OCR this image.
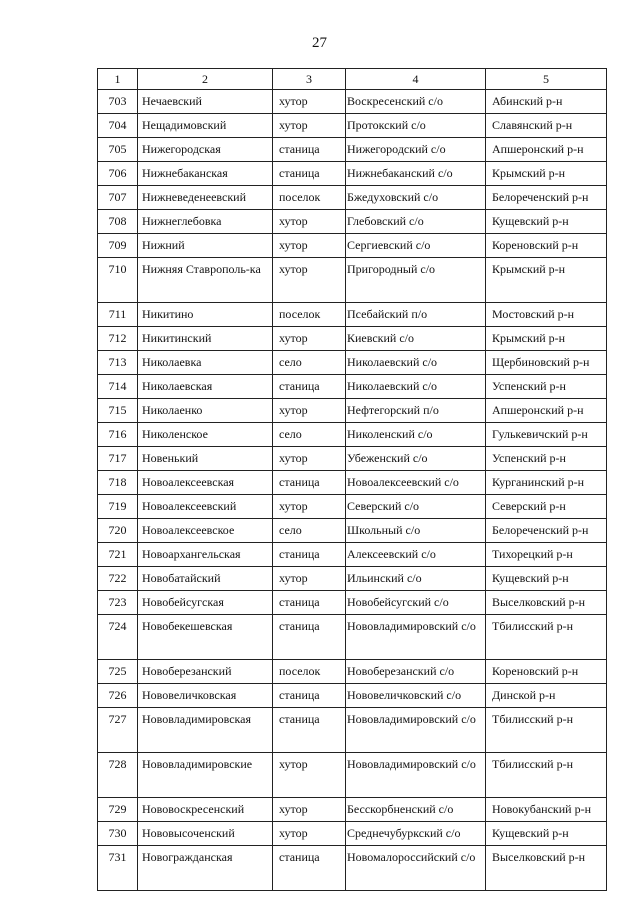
27
1	2	3	4	5
703	Нечаевский	хутор	Воскресенский с/о	Абинский р-н
704	Нещадимовский	хутор	Протокский с/о	Славянский р-н
705	Нижегородская	станица	Нижегородский с/о	Апшеронский р-н
706	Нижнебаканская	станица	Нижнебаканский с/о	Крымский р-н
707	Нижневеденеевский	поселок	Бжедуховский с/о	Белореченский р-н
708	Нижнеглебовка	хутор	Глебовский с/о	Кущевский р-н
709	Нижний	хутор	Сергиевский с/о	Кореновский р-н
710	Нижняя Ставрополь-ка	хутор	Пригородный с/о	Крымский р-н
711	Никитино	поселок	Псебайский п/о	Мостовский р-н
712	Никитинский	хутор	Киевский с/о	Крымский р-н
713	Николаевка	село	Николаевский с/о	Щербиновский р-н
714	Николаевская	станица	Николаевский с/о	Успенский р-н
715	Николаенко	хутор	Нефтегорский п/о	Апшеронский р-н
716	Николенское	село	Николенский с/о	Гулькевичский р-н
717	Новенький	хутор	Убеженский с/о	Успенский р-н
718	Новоалексеевская	станица	Новоалексеевский с/о	Курганинский р-н
719	Новоалексеевский	хутор	Северский с/о	Северский р-н
720	Новоалексеевское	село	Школьный с/о	Белореченский р-н
721	Новоархангельская	станица	Алексеевский с/о	Тихорецкий р-н
722	Новобатайский	хутор	Ильинский с/о	Кущевский р-н
723	Новобейсугская	станица	Новобейсугский с/о	Выселковский р-н
724	Новобекешевская	станица	Нововладимировский с/о	Тбилисский р-н
725	Новоберезанский	поселок	Новоберезанский с/о	Кореновский р-н
726	Нововеличковская	станица	Нововеличковский с/о	Динской р-н
727	Нововладимировская	станица	Нововладимировский с/о	Тбилисский р-н
728	Нововладимировские	хутор	Нововладимировский с/о	Тбилисский р-н
729	Нововоскресенский	хутор	Бесскорбненский с/о	Новокубанский р-н
730	Нововысоченский	хутор	Среднечубуркский с/о	Кущевский р-н
731	Новогражданская	станица	Новомалороссийский с/о	Выселковский р-н
